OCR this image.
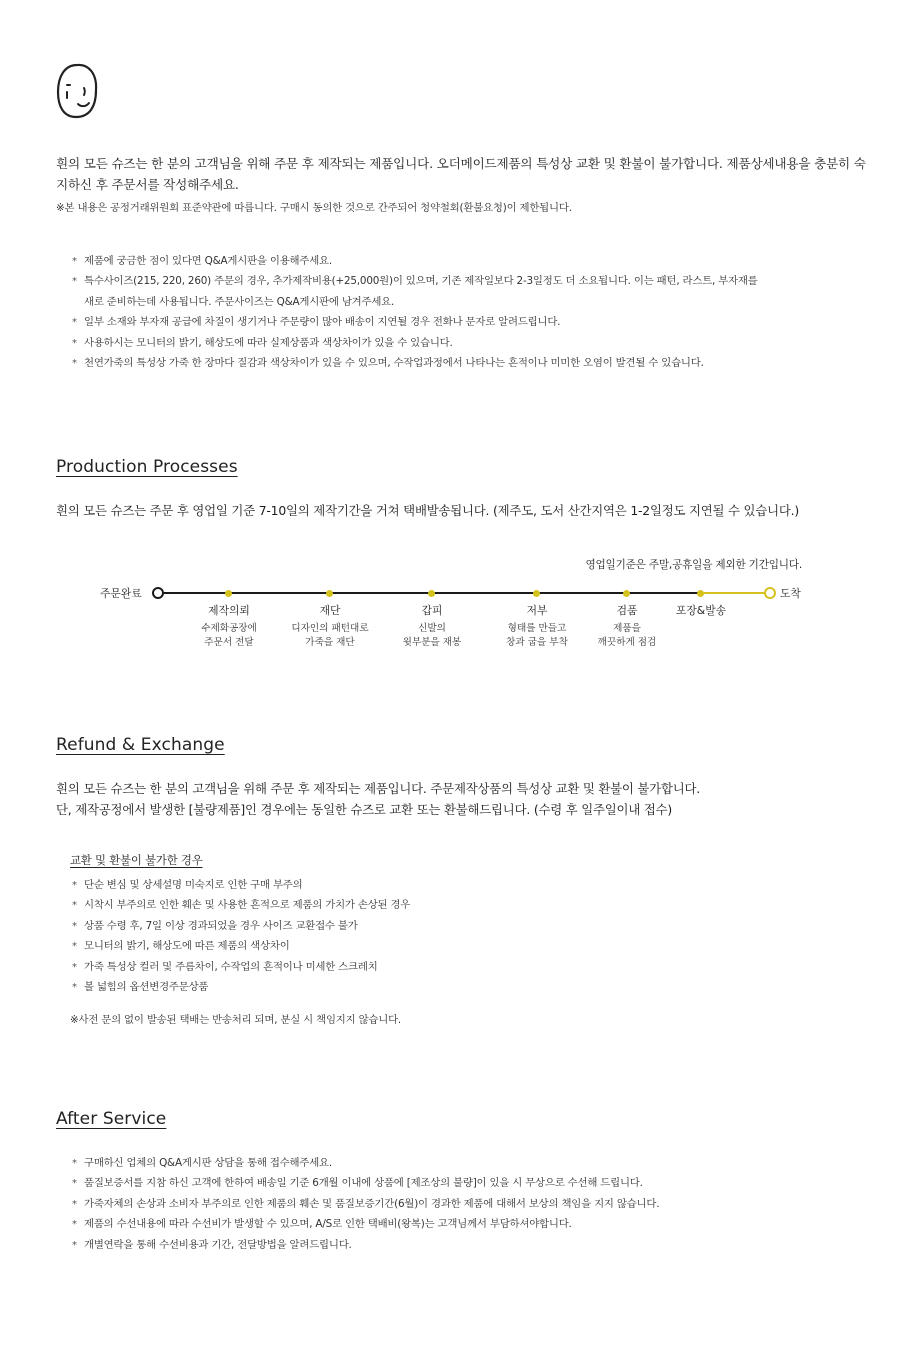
흰의 모든 슈즈는 한 분의 고객님을 위해 주문 후 제작되는 제품입니다. 오더메이드제품의 특성상 교환 및 환불이 불가합니다. 제품상세내용을 충분히 숙지하신 후 주문서를 작성해주세요.
※본 내용은 공정거래위원회 표준약관에 따릅니다. 구매시 동의한 것으로 간주되어 청약철회(환불요청)이 제한됩니다.
* 제품에 궁금한 점이 있다면 Q&A게시판을 이용해주세요.
* 특수사이즈(215, 220, 260) 주문의 경우, 추가제작비용(+25,000원)이 있으며, 기존 제작일보다 2-3일정도 더 소요됩니다. 이는 패턴, 라스트, 부자재를
새로 준비하는데 사용됩니다. 주문사이즈는 Q&A게시판에 남겨주세요.
* 일부 소재와 부자재 공급에 차질이 생기거나 주문량이 많아 배송이 지연될 경우 전화나 문자로 알려드립니다.
* 사용하시는 모니터의 밝기, 해상도에 따라 실제상품과 색상차이가 있을 수 있습니다.
* 천연가죽의 특성상 가죽 한 장마다 질감과 색상차이가 있을 수 있으며, 수작업과정에서 나타나는 흔적이나 미미한 오염이 발견될 수 있습니다.
Production Processes
흰의 모든 슈즈는 주문 후 영업일 기준 7-10일의 제작기간을 거쳐 택배발송됩니다. (제주도, 도서 산간지역은 1-2일정도 지연될 수 있습니다.)
영업일기준은 주말,공휴일을 제외한 기간입니다.
주문완료	도착
제작의뢰
수제화공장에
주문서 전달
재단
디자인의 패턴대로
가죽을 재단
갑피
신발의
윗부분을 재봉
저부
형태를 만들고
창과 굽을 부착
검품
제품을
깨끗하게 점검
포장&발송
Refund & Exchange
흰의 모든 슈즈는 한 분의 고객님을 위해 주문 후 제작되는 제품입니다. 주문제작상품의 특성상 교환 및 환불이 불가합니다.
단, 제작공정에서 발생한 [불량제품]인 경우에는 동일한 슈즈로 교환 또는 환불해드립니다. (수령 후 일주일이내 접수)
교환 및 환불이 불가한 경우
* 단순 변심 및 상세설명 미숙지로 인한 구매 부주의
* 시착시 부주의로 인한 훼손 및 사용한 흔적으로 제품의 가치가 손상된 경우
* 상품 수령 후, 7일 이상 경과되었을 경우 사이즈 교환접수 불가
* 모니터의 밝기, 해상도에 따른 제품의 색상차이
* 가죽 특성상 컬러 및 주름차이, 수작업의 흔적이나 미세한 스크레치
* 볼 넓힘의 옵션변경주문상품
※사전 문의 없이 발송된 택배는 반송처리 되며, 분실 시 책임지지 않습니다.
After Service
* 구매하신 업체의 Q&A게시판 상담을 통해 접수해주세요.
* 품질보증서를 지참 하신 고객에 한하여 배송일 기준 6개월 이내에 상품에 [제조상의 불량]이 있을 시 무상으로 수선해 드립니다.
* 가죽자체의 손상과 소비자 부주의로 인한 제품의 훼손 및 품질보증기간(6월)이 경과한 제품에 대해서 보상의 책임을 지지 않습니다.
* 제품의 수선내용에 따라 수선비가 발생할 수 있으며, A/S로 인한 택배비(왕복)는 고객님께서 부담하셔야합니다.
* 개별연락을 통해 수선비용과 기간, 전달방법을 알려드립니다.
